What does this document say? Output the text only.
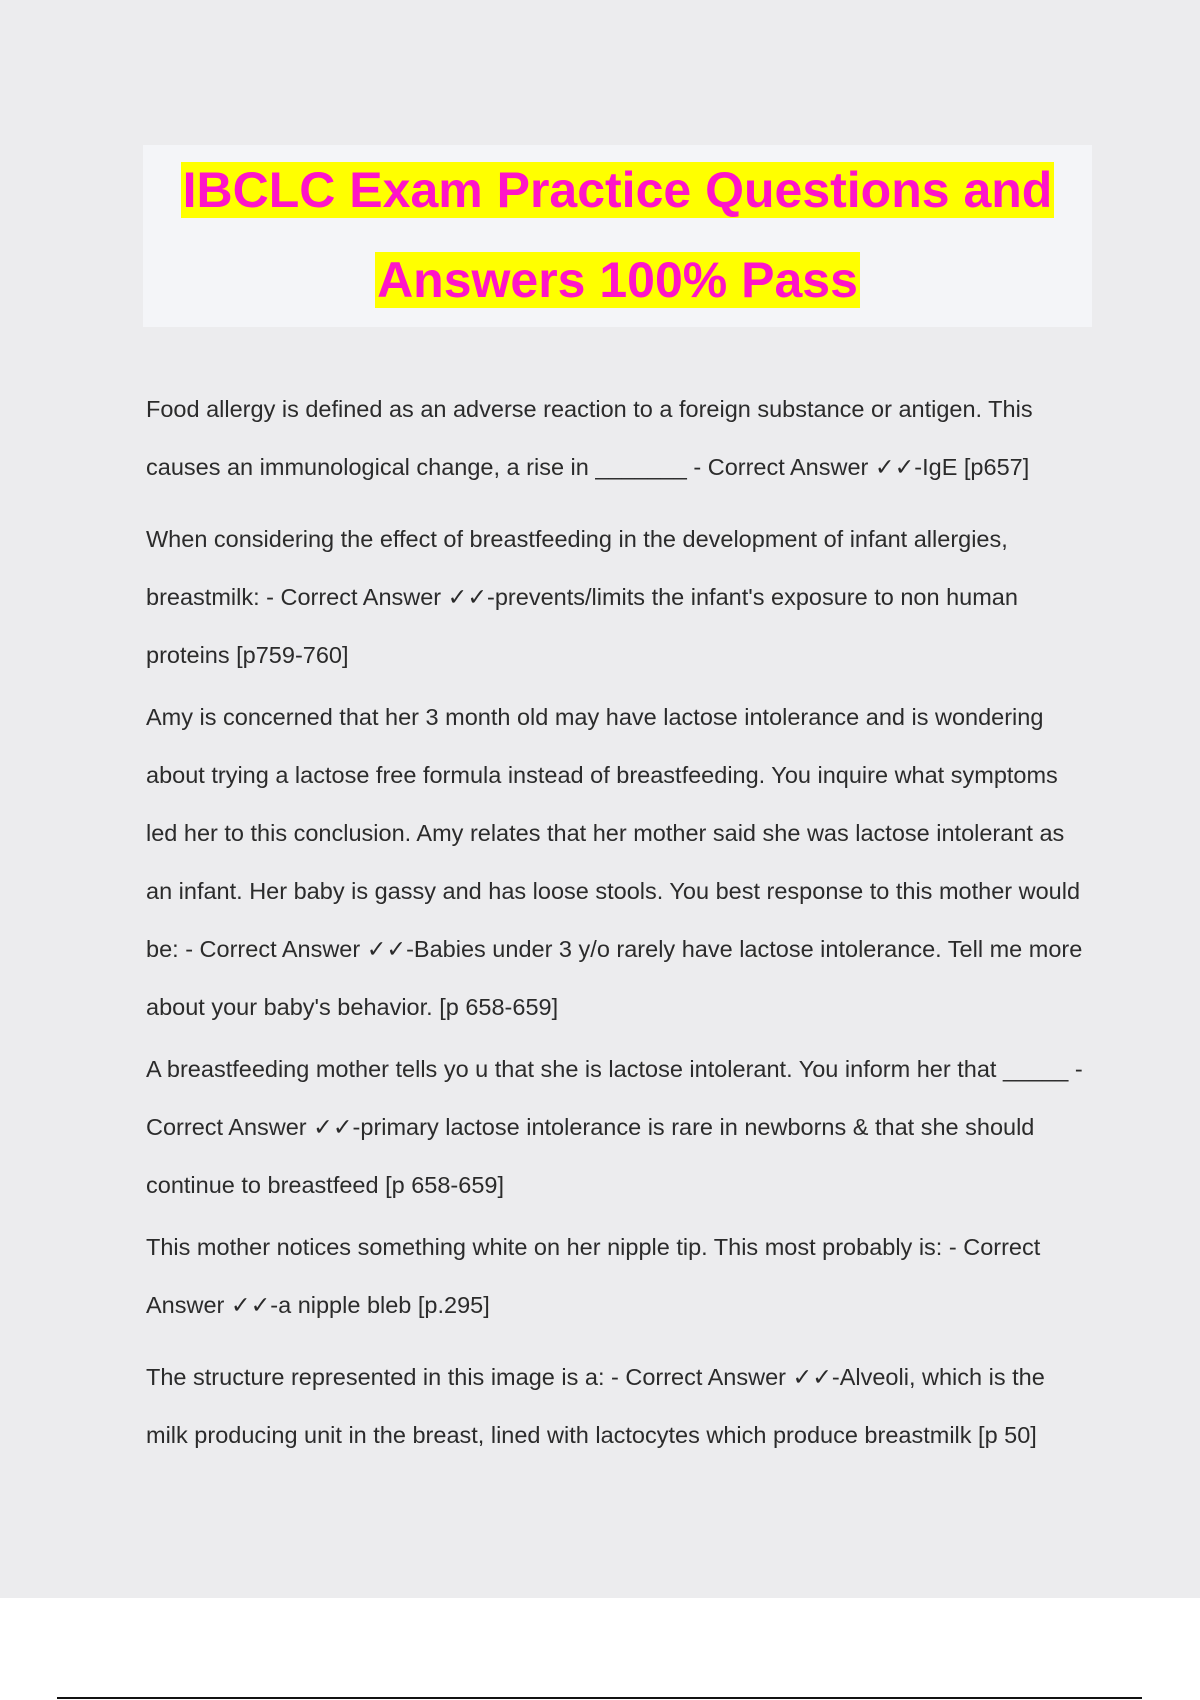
IBCLC Exam Practice Questions and
Answers 100% Pass

Food allergy is defined as an adverse reaction to a foreign substance or antigen. This causes an immunological change, a rise in _______ - Correct Answer ✓✓-IgE [p657]

When considering the effect of breastfeeding in the development of infant allergies, breastmilk: - Correct Answer ✓✓-prevents/limits the infant's exposure to non human proteins [p759-760]

Amy is concerned that her 3 month old may have lactose intolerance and is wondering about trying a lactose free formula instead of breastfeeding. You inquire what symptoms led her to this conclusion. Amy relates that her mother said she was lactose intolerant as an infant. Her baby is gassy and has loose stools. You best response to this mother would be: - Correct Answer ✓✓-Babies under 3 y/o rarely have lactose intolerance. Tell me more about your baby's behavior. [p 658-659]

A breastfeeding mother tells yo u that she is lactose intolerant. You inform her that _____ - Correct Answer ✓✓-primary lactose intolerance is rare in newborns & that she should continue to breastfeed [p 658-659]

This mother notices something white on her nipple tip. This most probably is: - Correct Answer ✓✓-a nipple bleb [p.295]

The structure represented in this image is a: - Correct Answer ✓✓-Alveoli, which is the milk producing unit in the breast, lined with lactocytes which produce breastmilk [p 50]
